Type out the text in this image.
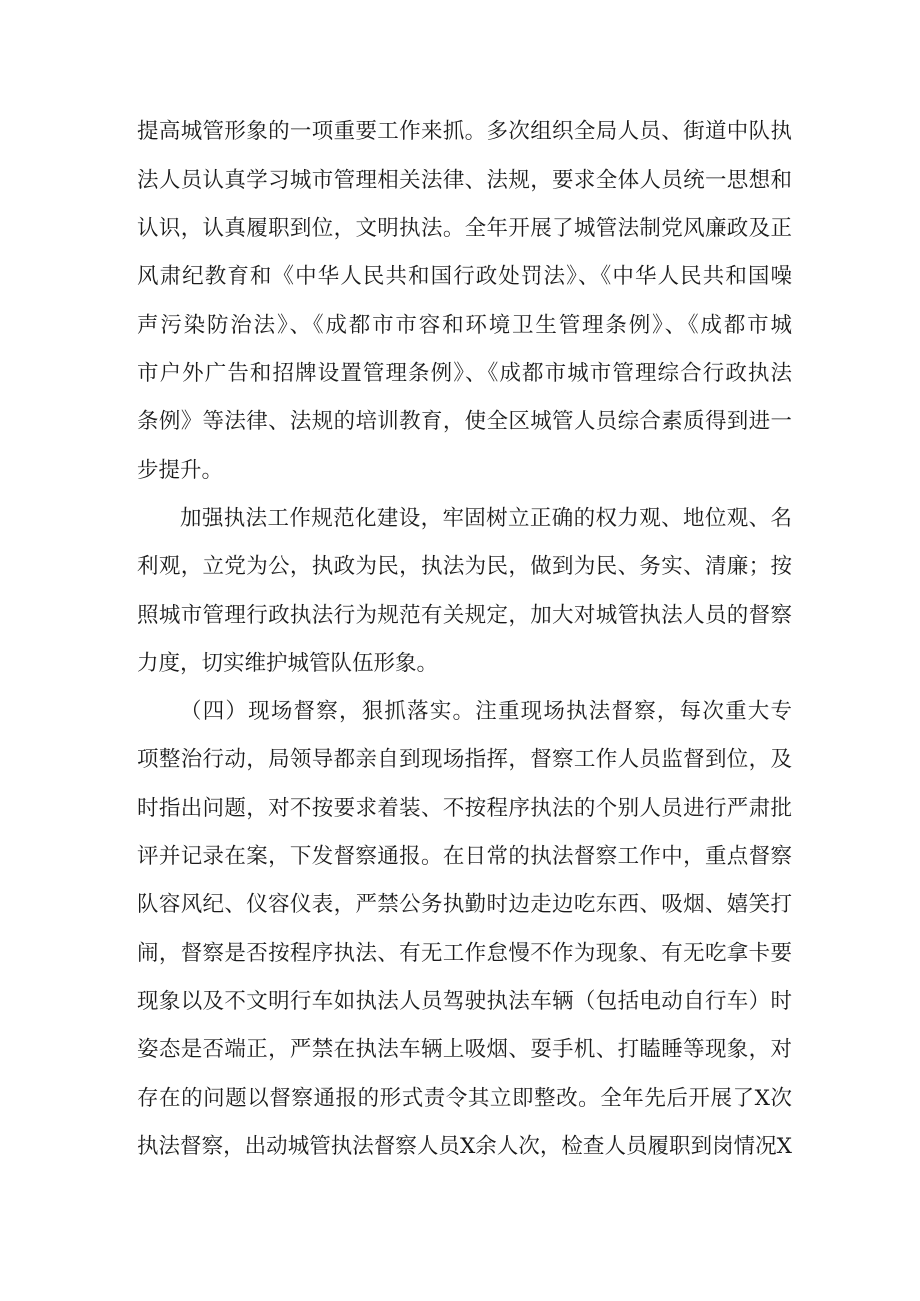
提高城管形象的一项重要工作来抓。多次组织全局人员、街道中队执
法人员认真学习城市管理相关法律、法规，要求全体人员统一思想和
认识，认真履职到位，文明执法。全年开展了城管法制党风廉政及正
风肃纪教育和《中华人民共和国行政处罚法》、《中华人民共和国噪
声污染防治法》、《成都市市容和环境卫生管理条例》、《成都市城
市户外广告和招牌设置管理条例》、《成都市城市管理综合行政执法
条例》等法律、法规的培训教育，使全区城管人员综合素质得到进一
步提升。
加强执法工作规范化建设，牢固树立正确的权力观、地位观、名
利观，立党为公，执政为民，执法为民，做到为民、务实、清廉；按
照城市管理行政执法行为规范有关规定，加大对城管执法人员的督察
力度，切实维护城管队伍形象。
（四）现场督察，狠抓落实。注重现场执法督察，每次重大专
项整治行动，局领导都亲自到现场指挥，督察工作人员监督到位，及
时指出问题，对不按要求着装、不按程序执法的个别人员进行严肃批
评并记录在案，下发督察通报。在日常的执法督察工作中，重点督察
队容风纪、仪容仪表，严禁公务执勤时边走边吃东西、吸烟、嬉笑打
闹，督察是否按程序执法、有无工作怠慢不作为现象、有无吃拿卡要
现象以及不文明行车如执法人员驾驶执法车辆（包括电动自行车）时
姿态是否端正，严禁在执法车辆上吸烟、耍手机、打瞌睡等现象，对
存在的问题以督察通报的形式责令其立即整改。全年先后开展了X次
执法督察，出动城管执法督察人员X余人次，检查人员履职到岗情况X
